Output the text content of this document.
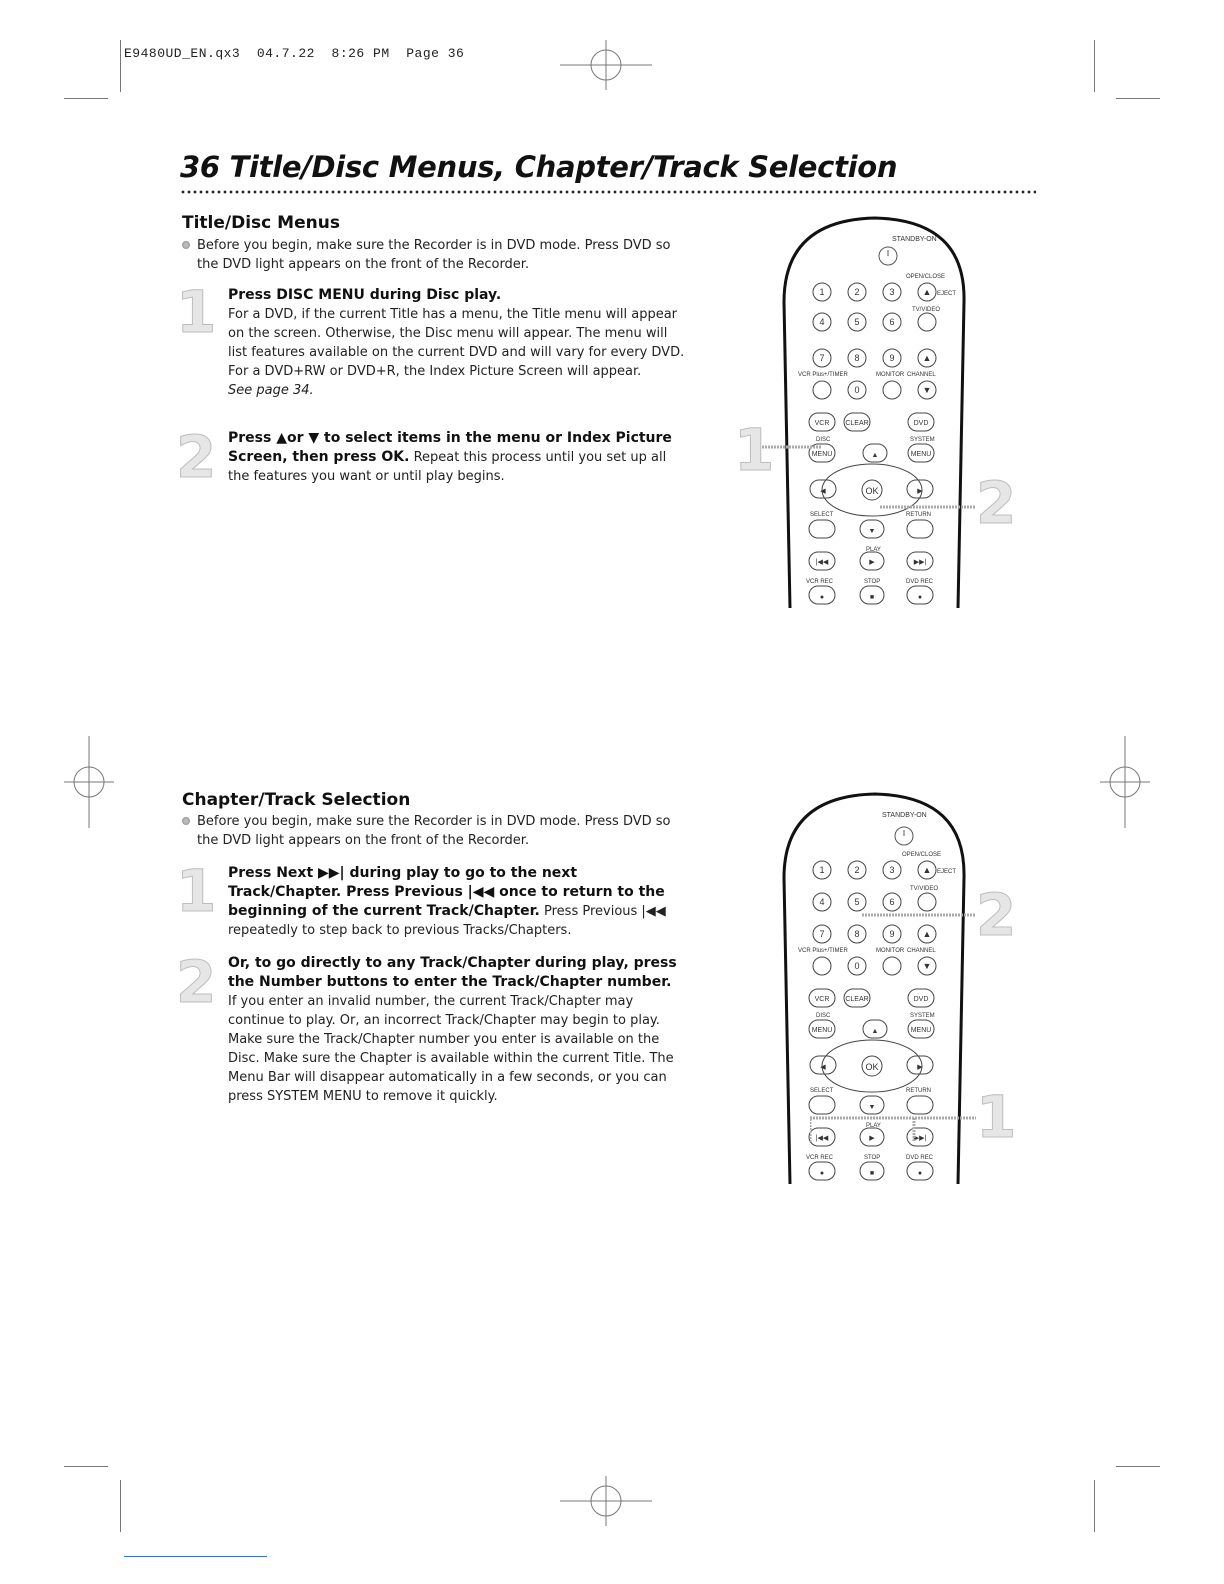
E9480UD_EN.qx3  04.7.22  8:26 PM  Page 36
36 Title/Disc Menus, Chapter/Track Selection
Title/Disc Menus
Before you begin, make sure the Recorder is in DVD mode. Press DVD so the DVD light appears on the front of the Recorder.
1 Press DISC MENU during Disc play.
For a DVD, if the current Title has a menu, the Title menu will appear on the screen. Otherwise, the Disc menu will appear. The menu will list features available on the current DVD and will vary for every DVD.
For a DVD+RW or DVD+R, the Index Picture Screen will appear.
See page 34.
2 Press ▲or ▼ to select items in the menu or Index Picture Screen, then press OK. Repeat this process until you set up all the features you want or until play begins.
STANDBY-ON
OPEN/CLOSE
1	2	3
4	5	6
7	8	9
0
▲
▲
▼
EJECT
TV/VIDEO
VCR Plus+/TIMER	MONITOR CHANNEL
DISC	SYSTEM
SELECT	RETURN
PLAY
VCR REC	STOP	DVD REC
VCR CLEAR	DVD
MENU	▲	MENU
◀	OK	▶
▼
|◀◀	▶	▶▶|
●	■	●
1
2
Chapter/Track Selection
Before you begin, make sure the Recorder is in DVD mode. Press DVD so the DVD light appears on the front of the Recorder.
1 Press Next ▶▶| during play to go to the next Track/Chapter. Press Previous |◀◀ once to return to the beginning of the current Track/Chapter. Press Previous |◀◀ repeatedly to step back to previous Tracks/Chapters.
2 Or, to go directly to any Track/Chapter during play, press the Number buttons to enter the Track/Chapter number.
If you enter an invalid number, the current Track/Chapter may continue to play. Or, an incorrect Track/Chapter may begin to play. Make sure the Track/Chapter number you enter is available on the Disc. Make sure the Chapter is available within the current Title. The Menu Bar will disappear automatically in a few seconds, or you can press SYSTEM MENU to remove it quickly.
STANDBY-ON
OPEN/CLOSE
1	2	3
4	5	6
7	8	9
0
▲
▲
▼
EJECT
TV/VIDEO
VCR Plus+/TIMER	MONITOR CHANNEL
DISC	SYSTEM
SELECT	RETURN
PLAY
VCR REC	STOP	DVD REC
VCR CLEAR	DVD
MENU	▲	MENU
◀	OK	▶
▼
|◀◀	▶	▶▶|
●	■	●
2
1
